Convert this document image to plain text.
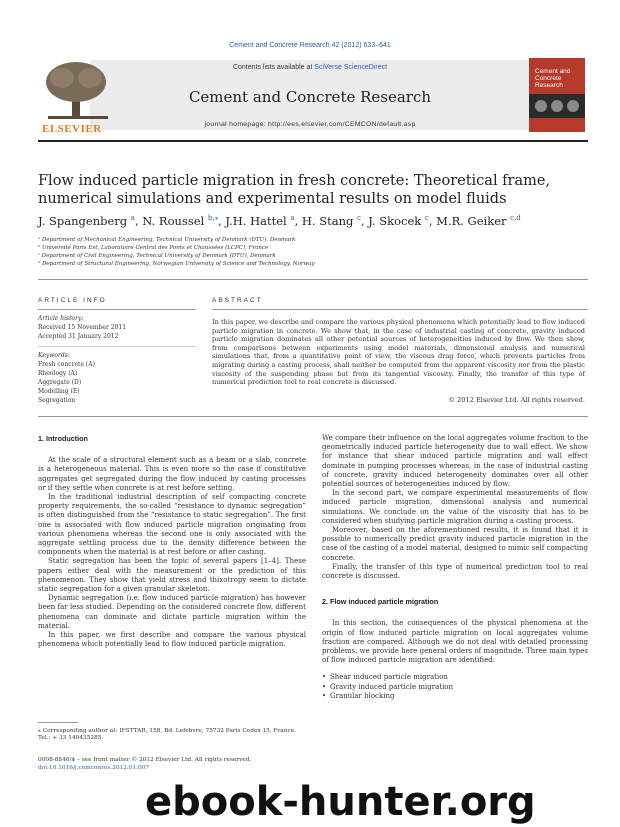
Cement and Concrete Research 42 (2012) 633–641
Contents lists available at SciVerse ScienceDirect
Cement and Concrete Research
journal homepage: http://ees.elsevier.com/CEMCON/default.asp
ELSEVIER
Cement and Concrete Research
Flow induced particle migration in fresh concrete: Theoretical frame, numerical simulations and experimental results on model fluids
J. Spangenberg $^a$, N. Roussel $^{b,⁎}$, J.H. Hattel $^a$, H. Stang $^c$, J. Skocek $^c$, M.R. Geiker $^{c,d}$
ᵃ Department of Mechanical Engineering, Technical University of Denmark (DTU), Denmark
ᵇ Université Paris Est, Laboratoire Central des Ponts et Chaussées (LCPC), France
ᶜ Department of Civil Engineering, Technical University of Denmark (DTU), Denmark
ᵈ Department of Structural Engineering, Norwegian University of Science and Technology, Norway
ARTICLE INFO
Article history:
Received 15 November 2011
Accepted 31 January 2012
Keywords:
Fresh concrete (A)
Rheology (A)
Aggregate (D)
Modelling (E)
Segregation
ABSTRACT
In this paper, we describe and compare the various physical phenomena which potentially lead to flow induced particle migration in concrete. We show that, in the case of industrial casting of concrete, gravity induced particle migration dominates all other potential sources of heterogeneities induced by flow. We then show, from comparisons between experiments using model materials, dimensional analysis and numerical simulations that, from a quantitative point of view, the viscous drag force, which prevents particles from migrating during a casting process, shall neither be computed from the apparent viscosity nor from the plastic viscosity of the suspending phase but from its tangential viscosity. Finally, the transfer of this type of numerical prediction tool to real concrete is discussed.
© 2012 Elsevier Ltd. All rights reserved.
1. Introduction

At the scale of a structural element such as a beam or a slab, concrete is a heterogeneous material. This is even more so the case if constitutive aggregates get segregated during the flow induced by casting processes or if they settle when concrete is at rest before setting.

In the traditional industrial description of self compacting concrete property requirements, the so-called “resistance to dynamic segregation” is often distinguished from the “resistance to static segregation”. The first one is associated with flow induced particle migration originating from various phenomena whereas the second one is only associated with the aggregate settling process due to the density difference between the components when the material is at rest before or after casting.

Static segregation has been the topic of several papers [1–4]. These papers either deal with the measurement or the prediction of this phenomenon. They show that yield stress and thixotropy seem to dictate static segregation for a given granular skeleton.

Dynamic segregation (i.e. flow induced particle migration) has however been far less studied. Depending on the considered concrete flow, different phenomena can dominate and dictate particle migration within the material.

In this paper, we first describe and compare the various physical phenomena which potentially lead to flow induced particle migration.

We compare their influence on the local aggregates volume fraction to the geometrically induced particle heterogeneity due to wall effect. We show for instance that shear induced particle migration and wall effect dominate in pumping processes whereas, in the case of industrial casting of concrete, gravity induced heterogeneity dominates over all other potential sources of heterogeneities induced by flow.

In the second part, we compare experimental measurements of flow induced particle migration, dimensional analysis and numerical simulations. We conclude on the value of the viscosity that has to be considered when studying particle migration during a casting process.

Moreover, based on the aforementioned results, it is found that it is possible to numerically predict gravity induced particle migration in the case of the casting of a model material, designed to mimic self compacting concrete.

Finally, the transfer of this type of numerical prediction tool to real concrete is discussed.

2. Flow induced particle migration

In this section, the consequences of the physical phenomena at the origin of flow induced particle migration on local aggregates volume fraction are compared. Although we do not deal with detailed processing problems, we provide here general orders of magnitude. Three main types of flow induced particle migration are identified:

• Shear induced particle migration
• Gravity induced particle migration
• Granular blocking
⁎ Corresponding author at: IFSTTAR, 158, Bd. Lefebvre, 75732 Paris Cedex 15, France. Tel.: + 33 140435285.
0008-8846/$ – see front matter © 2012 Elsevier Ltd. All rights reserved.
doi:10.1016/j.cemconres.2012.01.007
ebook-hunter.org
